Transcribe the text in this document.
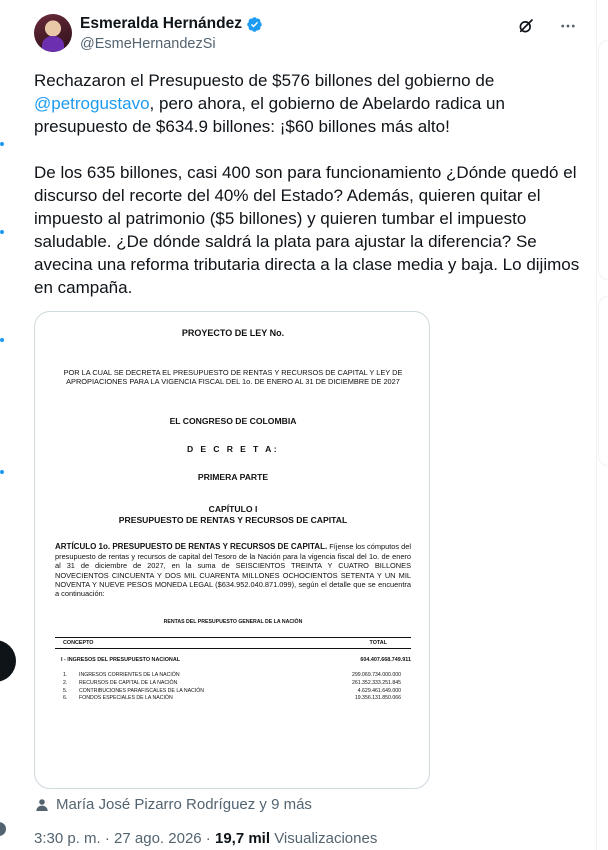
Esmeralda Hernández
@EsmeHernandezSi
Rechazaron el Presupuesto de $576 billones del gobierno de @petrogustavo, pero ahora, el gobierno de Abelardo radica un presupuesto de $634.9 billones: ¡$60 billones más alto!

De los 635 billones, casi 400 son para funcionamiento ¿Dónde quedó el discurso del recorte del 40% del Estado? Además, quieren quitar el impuesto al patrimonio ($5 billones) y quieren tumbar el impuesto saludable. ¿De dónde saldrá la plata para ajustar la diferencia? Se avecina una reforma tributaria directa a la clase media y baja. Lo dijimos en campaña.
PROYECTO DE LEY No.
POR LA CUAL SE DECRETA EL PRESUPUESTO DE RENTAS Y RECURSOS DE CAPITAL Y LEY DE APROPIACIONES PARA LA VIGENCIA FISCAL DEL 1o. DE ENERO AL 31 DE DICIEMBRE DE 2027
EL CONGRESO DE COLOMBIA
D E C R E T A:
PRIMERA PARTE
CAPÍTULO I
PRESUPUESTO DE RENTAS Y RECURSOS DE CAPITAL
ARTÍCULO 1o. PRESUPUESTO DE RENTAS Y RECURSOS DE CAPITAL. Fíjense los cómputos del presupuesto de rentas y recursos de capital del Tesoro de la Nación para la vigencia fiscal del 1o. de enero al 31 de diciembre de 2027, en la suma de SEISCIENTOS TREINTA Y CUATRO BILLONES NOVECIENTOS CINCUENTA Y DOS MIL CUARENTA MILLONES OCHOCIENTOS SETENTA Y UN MIL NOVENTA Y NUEVE PESOS MONEDA LEGAL ($634.952.040.871.099), según el detalle que se encuentra a continuación:
RENTAS DEL PRESUPUESTO GENERAL DE LA NACIÓN
CONCEPTO	TOTAL
I - INGRESOS DEL PRESUPUESTO NACIONAL	604.407.668.749.911
1.	INGRESOS CORRIENTES DE LA NACIÓN	299.069.734.000.000
2.	RECURSOS DE CAPITAL DE LA NACIÓN	261.352.333.251.845
5.	CONTRIBUCIONES PARAFISCALES DE LA NACIÓN	4.629.461.649.000
6.	FONDOS ESPECIALES DE LA NACIÓN	19.356.131.850.066
María José Pizarro Rodríguez y 9 más
3:30 p. m. · 27 ago. 2026 · 19,7 mil Visualizaciones
